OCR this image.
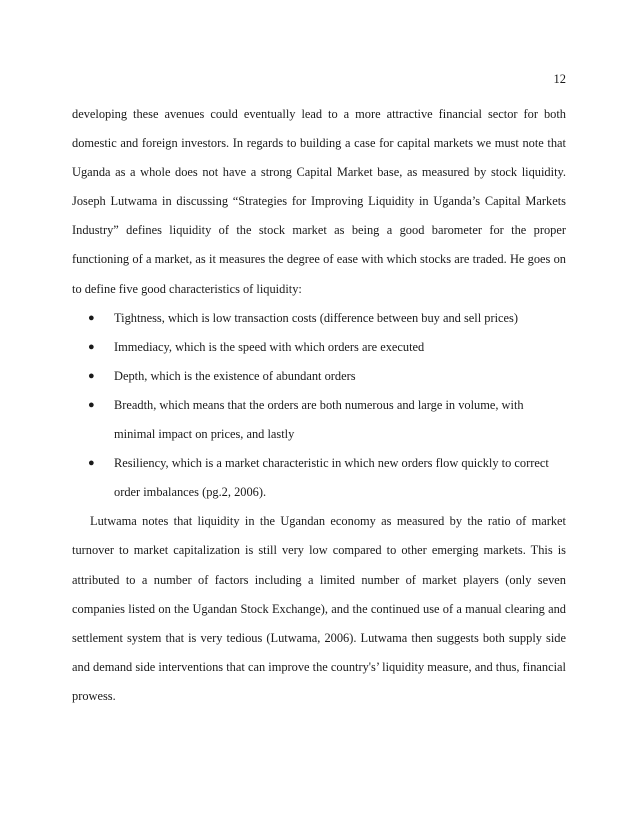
12

developing these avenues could eventually lead to a more attractive financial sector for both domestic and foreign investors. In regards to building a case for capital markets we must note that Uganda as a whole does not have a strong Capital Market base, as measured by stock liquidity. Joseph Lutwama in discussing “Strategies for Improving Liquidity in Uganda’s Capital Markets Industry” defines liquidity of the stock market as being a good barometer for the proper functioning of a market, as it measures the degree of ease with which stocks are traded. He goes on to define five good characteristics of liquidity:

● Tightness, which is low transaction costs (difference between buy and sell prices)
● Immediacy, which is the speed with which orders are executed
● Depth, which is the existence of abundant orders
● Breadth, which means that the orders are both numerous and large in volume, with minimal impact on prices, and lastly
● Resiliency, which is a market characteristic in which new orders flow quickly to correct order imbalances (pg.2, 2006).

Lutwama notes that liquidity in the Ugandan economy as measured by the ratio of market turnover to market capitalization is still very low compared to other emerging markets. This is attributed to a number of factors including a limited number of market players (only seven companies listed on the Ugandan Stock Exchange), and the continued use of a manual clearing and settlement system that is very tedious (Lutwama, 2006). Lutwama then suggests both supply side and demand side interventions that can improve the country's’ liquidity measure, and thus, financial prowess.
